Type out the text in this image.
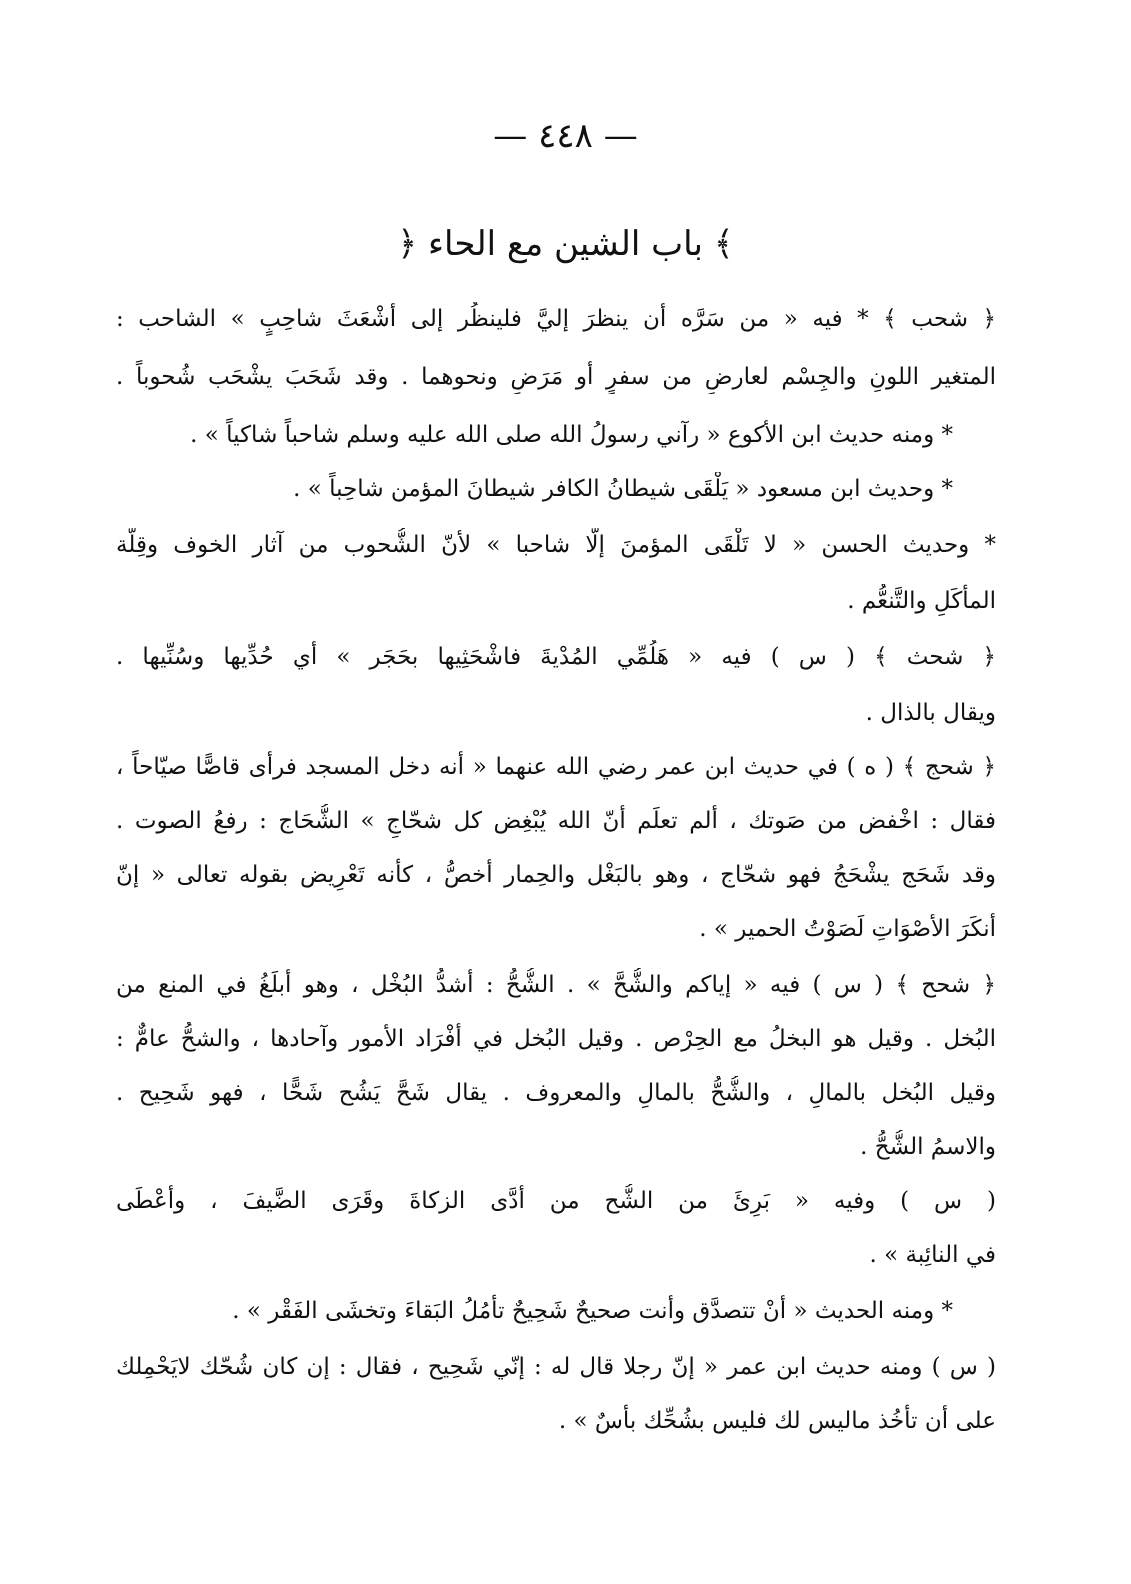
— ٤٤٨ —
﴿ باب الشين مع الحاء ﴾
﴿ شحب ﴾ * فيه « من سَرَّه أن ينظرَ إليَّ فلينظُر إلى أشْعَثَ شاحِبٍ » الشاحب :
المتغير اللونِ والجِسْم لعارضٍ من سفرٍ أو مَرَضٍ ونحوهما . وقد شَحَبَ يشْحَب شُحوباً .
* ومنه حديث ابن الأكوع « رآني رسولُ الله صلى الله عليه وسلم شاحباً شاكياً » .
* وحديث ابن مسعود « يَلْقَى شيطانُ الكافر شيطانَ المؤمن شاحِباً » .
* وحديث الحسن « لا تَلْقَى المؤمنَ إلّا شاحبا » لأنّ الشُّحوب من آثار الخوف وقِلّة
المأكَلِ والتَّنعُّم .
﴿ شحث ﴾ ( س ) فيه « هَلُمِّي المُدْيةَ فاشْحَثِيها بحَجَر » أي حُدِّيها وسُنِّيها .
ويقال بالذال .
﴿ شحج ﴾ ( ه ) في حديث ابن عمر رضي الله عنهما « أنه دخل المسجد فرأى قاصًّا صيّاحاً ،
فقال : اخْفض من صَوتك ، ألم تعلَم أنّ الله يُبْغِض كل شحّاجٍ » الشُّحَاج : رفعُ الصوت .
وقد شَحَج يشْحَجُ فهو شحّاج ، وهو بالبَغْل والحِمار أخصُّ ، كأنه تَعْرِيض بقوله تعالى « إنّ
أنكَرَ الأصْوَاتِ لَصَوْتُ الحمير » .
﴿ شحح ﴾ ( س ) فيه « إياكم والشُّحَّ » . الشُّحُّ : أشدُّ البُخْل ، وهو أبلَغُ في المنع من
البُخل . وقيل هو البخلُ مع الحِرْص . وقيل البُخل في أفْرَاد الأمور وآحادها ، والشحُّ عامٌّ :
وقيل البُخل بالمالِ ، والشُّحُّ بالمالِ والمعروف . يقال شَحَّ يَشُح شَحًّا ، فهو شَحِيح .
والاسمُ الشُّحُّ .
( س ) وفيه « بَرِئَ من الشُّح من أدَّى الزكاةَ وقَرَى الضَّيفَ ، وأعْطَى
في النائِبة » .
* ومنه الحديث « أنْ تتصدَّق وأنت صحيحٌ شَحِيحٌ تأمُلُ البَقاءَ وتخشَى الفَقْر » .
( س ) ومنه حديث ابن عمر « إنّ رجلا قال له : إنّي شَحِيح ، فقال : إن كان شُحّك لايَحْمِلك
على أن تأخُذ ماليس لك فليس بشُحِّك بأسٌ » .
